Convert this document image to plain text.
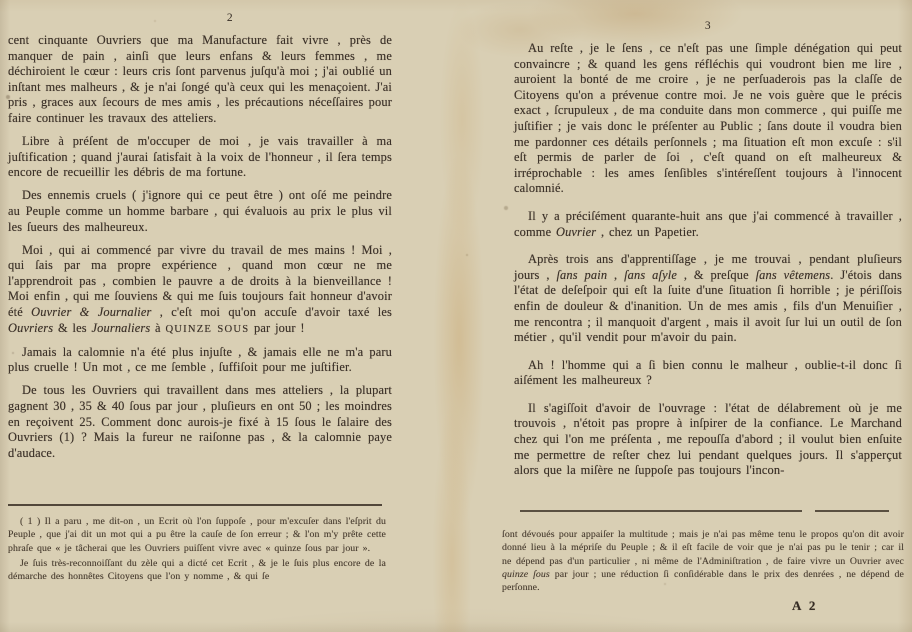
2

cent cinquante Ouvriers que ma Manufacture fait vivre , près de manquer de pain , ainſi que leurs enfans & leurs femmes , me déchiroient le cœur : leurs cris ſont parvenus juſqu'à moi ; j'ai oublié un inſtant mes malheurs , & je n'ai ſongé qu'à ceux qui les menaçoient. J'ai pris , graces aux ſecours de mes amis , les précautions néceſſaires pour faire continuer les travaux des atteliers.

Libre à préſent de m'occuper de moi , je vais travailler à ma juſtification ; quand j'aurai ſatisfait à la voix de l'honneur , il ſera temps encore de recueillir les débris de ma fortune.

Des ennemis cruels ( j'ignore qui ce peut être ) ont oſé me peindre au Peuple comme un homme barbare , qui évaluois au prix le plus vil les ſueurs des malheureux.

Moi , qui ai commencé par vivre du travail de mes mains ! Moi , qui ſais par ma propre expérience , quand mon cœur ne me l'apprendroit pas , combien le pauvre a de droits à la bienveillance ! Moi enfin , qui me ſouviens & qui me ſuis toujours fait honneur d'avoir été Ouvrier & Journalier , c'eſt moi qu'on accuſe d'avoir taxé les Ouvriers & les Journaliers à QUINZE SOUS par jour !

Jamais la calomnie n'a été plus injuſte , & jamais elle ne m'a paru plus cruelle ! Un mot , ce me ſemble , ſuffiſoit pour me juſtifier.

De tous les Ouvriers qui travaillent dans mes atteliers , la plupart gagnent 30 , 35 & 40 ſous par jour , pluſieurs en ont 50 ; les moindres en reçoivent 25. Comment donc aurois-je fixé à 15 ſous le ſalaire des Ouvriers (1) ? Mais la fureur ne raiſonne pas , & la calomnie paye d'audace.

( 1 ) Il a paru , me dit-on , un Ecrit où l'on ſuppoſe , pour m'excuſer dans l'eſprit du Peuple , que j'ai dit un mot qui a pu être la cauſe de ſon erreur ; & l'on m'y prête cette phraſe que « je tâcherai que les Ouvriers puiſſent vivre avec « quinze ſous par jour ».

Je ſuis très-reconnoiſſant du zèle qui a dicté cet Ecrit , & je le ſuis plus encore de la démarche des honnêtes Citoyens que l'on y nomme , & qui ſe

3

Au reſte , je le ſens , ce n'eſt pas une ſimple dénégation qui peut convaincre ; & quand les gens réfléchis qui voudront bien me lire , auroient la bonté de me croire , je ne perſuaderois pas la claſſe de Citoyens qu'on a prévenue contre moi. Je ne vois guère que le précis exact , ſcrupuleux , de ma conduite dans mon commerce , qui puiſſe me juſtifier ; je vais donc le préſenter au Public ; ſans doute il voudra bien me pardonner ces détails perſonnels ; ma ſituation eſt mon excuſe : s'il eſt permis de parler de ſoi , c'eſt quand on eſt malheureux & irréprochable : les ames ſenſibles s'intéreſſent toujours à l'innocent calomnié.

Il y a préciſément quarante-huit ans que j'ai commencé à travailler , comme Ouvrier , chez un Papetier.

Après trois ans d'apprentiſſage , je me trouvai , pendant pluſieurs jours , ſans pain , ſans aſyle , & preſque ſans vêtemens. J'étois dans l'état de deſeſpoir qui eſt la ſuite d'une ſituation ſi horrible ; je périſſois enfin de douleur & d'inanition. Un de mes amis , fils d'un Menuiſier , me rencontra ; il manquoit d'argent , mais il avoit ſur lui un outil de ſon métier , qu'il vendit pour m'avoir du pain.

Ah ! l'homme qui a ſi bien connu le malheur , oublie-t-il donc ſi aiſément les malheureux ?

Il s'agiſſoit d'avoir de l'ouvrage : l'état de délabrement où je me trouvois , n'étoit pas propre à inſpirer de la confiance. Le Marchand chez qui l'on me préſenta , me repouſſa d'abord ; il voulut bien enſuite me permettre de reſter chez lui pendant quelques jours. Il s'apperçut alors que la miſère ne ſuppoſe pas toujours l'incon-

ſont dévoués pour appaiſer la multitude ; mais je n'ai pas même tenu le propos qu'on dit avoir donné lieu à la mépriſe du Peuple ; & il eſt facile de voir que je n'ai pas pu le tenir ; car il ne dépend pas d'un particulier , ni même de l'Adminiſtration , de faire vivre un Ouvrier avec quinze ſous par jour ; une réduction ſi conſidérable dans le prix des denrées , ne dépend de perſonne.

A 2
